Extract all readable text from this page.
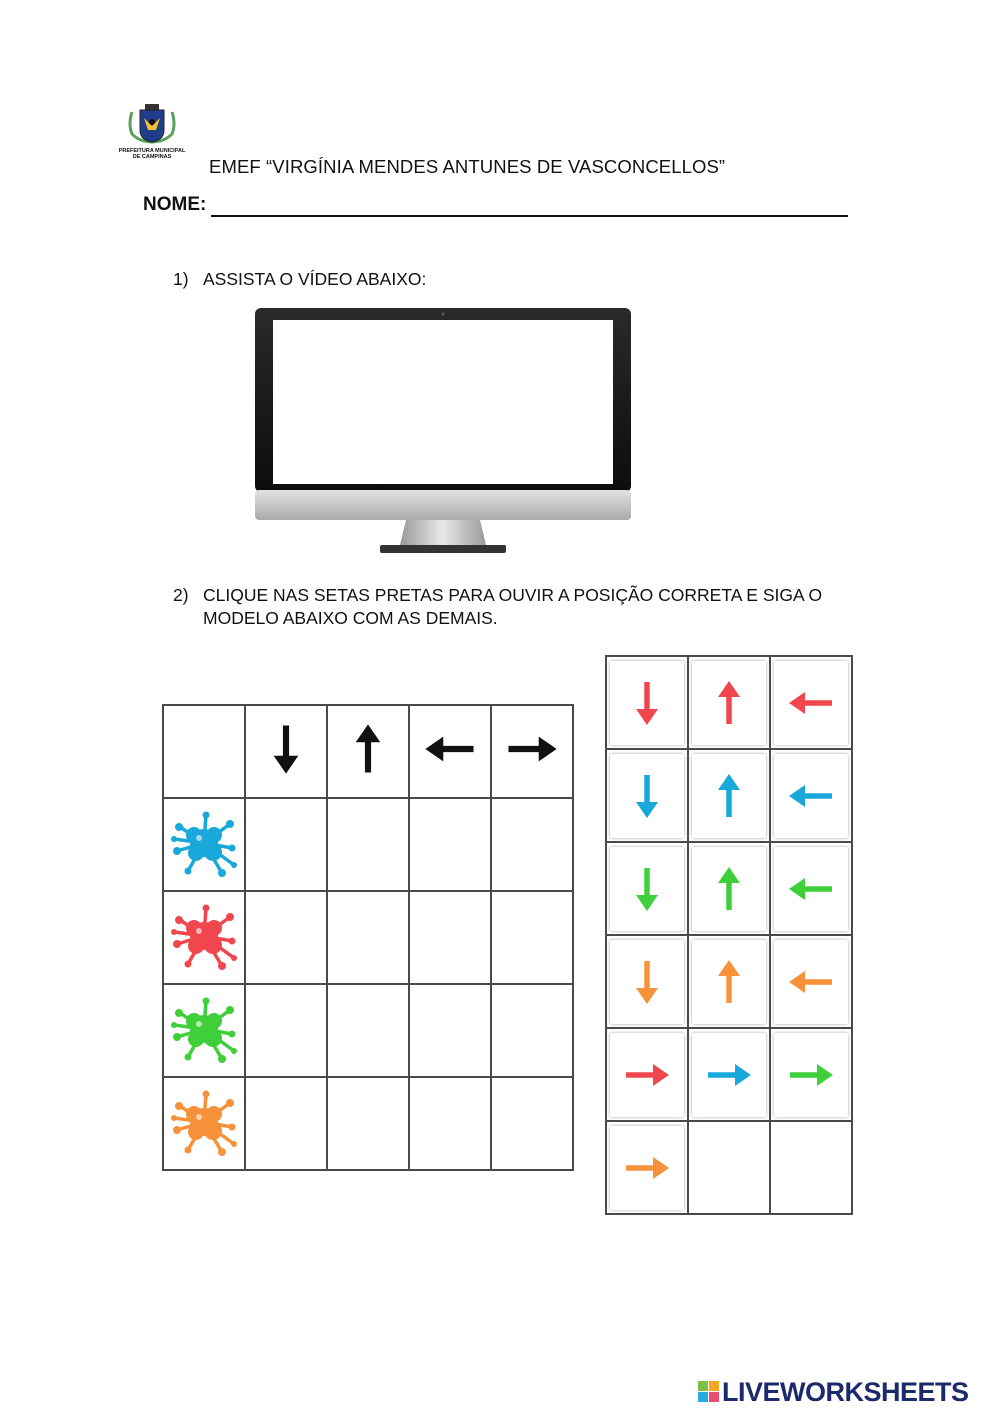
PREFEITURA MUNICIPAL
DE CAMPINAS EMEF “VIRGÍNIA MENDES ANTUNES DE VASCONCELLOS”
NOME:
1) ASSISTA O VÍDEO ABAIXO:
2) CLIQUE NAS SETAS PRETAS PARA OUVIR A POSIÇÃO CORRETA E SIGA O MODELO ABAIXO COM AS DEMAIS.

LIVEWORKSHEETS
